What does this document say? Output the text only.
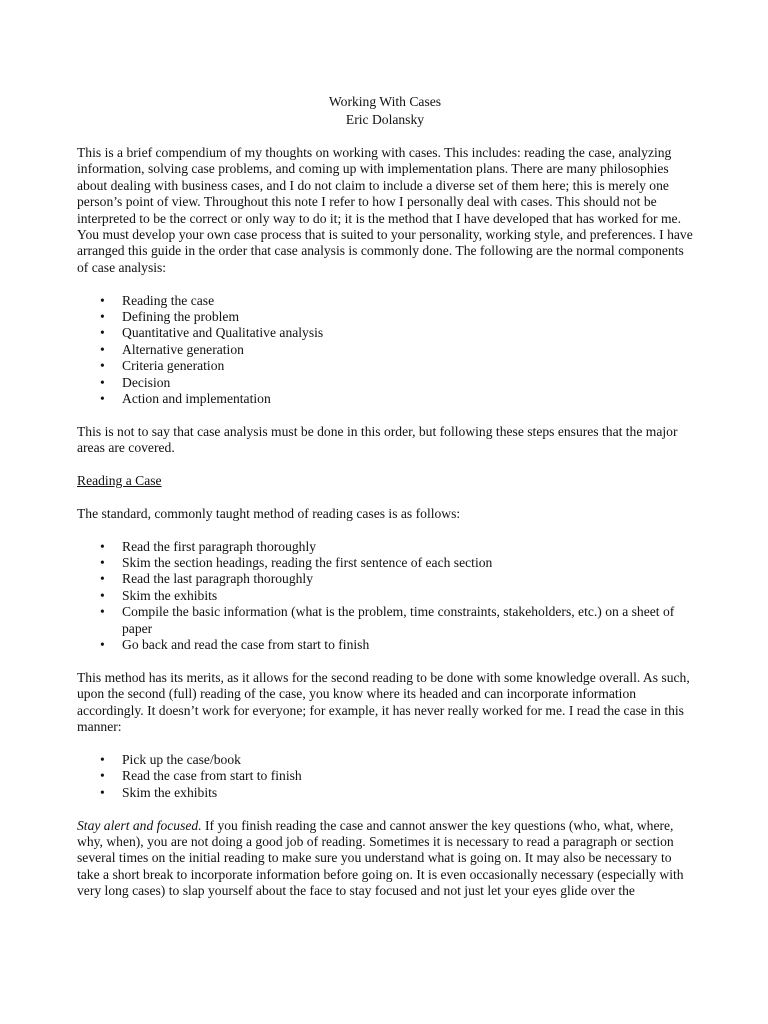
Working With Cases
Eric Dolansky

This is a brief compendium of my thoughts on working with cases. This includes: reading the case, analyzing information, solving case problems, and coming up with implementation plans. There are many philosophies about dealing with business cases, and I do not claim to include a diverse set of them here; this is merely one person’s point of view. Throughout this note I refer to how I personally deal with cases. This should not be interpreted to be the correct or only way to do it; it is the method that I have developed that has worked for me. You must develop your own case process that is suited to your personality, working style, and preferences. I have arranged this guide in the order that case analysis is commonly done. The following are the normal components of case analysis:

• Reading the case
• Defining the problem
• Quantitative and Qualitative analysis
• Alternative generation
• Criteria generation
• Decision
• Action and implementation

This is not to say that case analysis must be done in this order, but following these steps ensures that the major areas are covered.

Reading a Case

The standard, commonly taught method of reading cases is as follows:

• Read the first paragraph thoroughly
• Skim the section headings, reading the first sentence of each section
• Read the last paragraph thoroughly
• Skim the exhibits
• Compile the basic information (what is the problem, time constraints, stakeholders, etc.) on a sheet of paper
• Go back and read the case from start to finish

This method has its merits, as it allows for the second reading to be done with some knowledge overall. As such, upon the second (full) reading of the case, you know where its headed and can incorporate information accordingly. It doesn’t work for everyone; for example, it has never really worked for me. I read the case in this manner:

• Pick up the case/book
• Read the case from start to finish
• Skim the exhibits

Stay alert and focused. If you finish reading the case and cannot answer the key questions (who, what, where, why, when), you are not doing a good job of reading. Sometimes it is necessary to read a paragraph or section several times on the initial reading to make sure you understand what is going on. It may also be necessary to take a short break to incorporate information before going on. It is even occasionally necessary (especially with very long cases) to slap yourself about the face to stay focused and not just let your eyes glide over the
